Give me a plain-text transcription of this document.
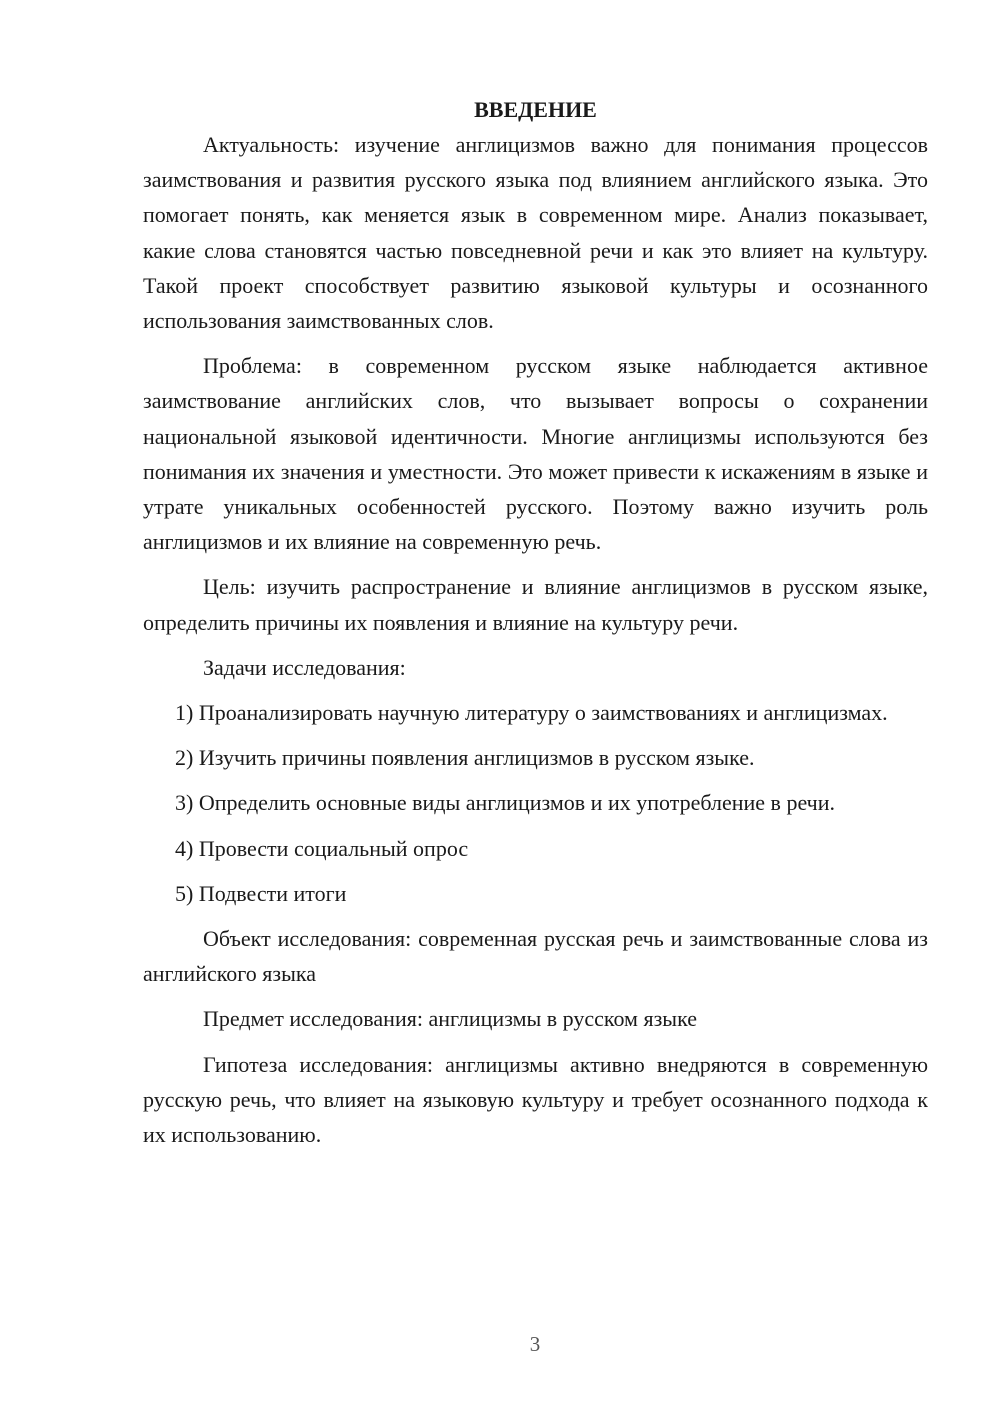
ВВЕДЕНИЕ

Актуальность: изучение англицизмов важно для понимания процессов заимствования и развития русского языка под влиянием английского языка. Это помогает понять, как меняется язык в современном мире. Анализ показывает, какие слова становятся частью повседневной речи и как это влияет на культуру. Такой проект способствует развитию языковой культуры и осознанного использования заимствованных слов.

Проблема: в современном русском языке наблюдается активное заимствование английских слов, что вызывает вопросы о сохранении национальной языковой идентичности. Многие англицизмы используются без понимания их значения и уместности. Это может привести к искажениям в языке и утрате уникальных особенностей русского. Поэтому важно изучить роль англицизмов и их влияние на современную речь.

Цель: изучить распространение и влияние англицизмов в русском языке, определить причины их появления и влияние на культуру речи.

Задачи исследования:

1) Проанализировать научную литературу о заимствованиях и англицизмах.

2) Изучить причины появления англицизмов в русском языке.

3) Определить основные виды англицизмов и их употребление в речи.

4) Провести социальный опрос

5) Подвести итоги

Объект исследования: современная русская речь и заимствованные слова из английского языка

Предмет исследования: англицизмы в русском языке

Гипотеза исследования: англицизмы активно внедряются в современную русскую речь, что влияет на языковую культуру и требует осознанного подхода к их использованию.

3
